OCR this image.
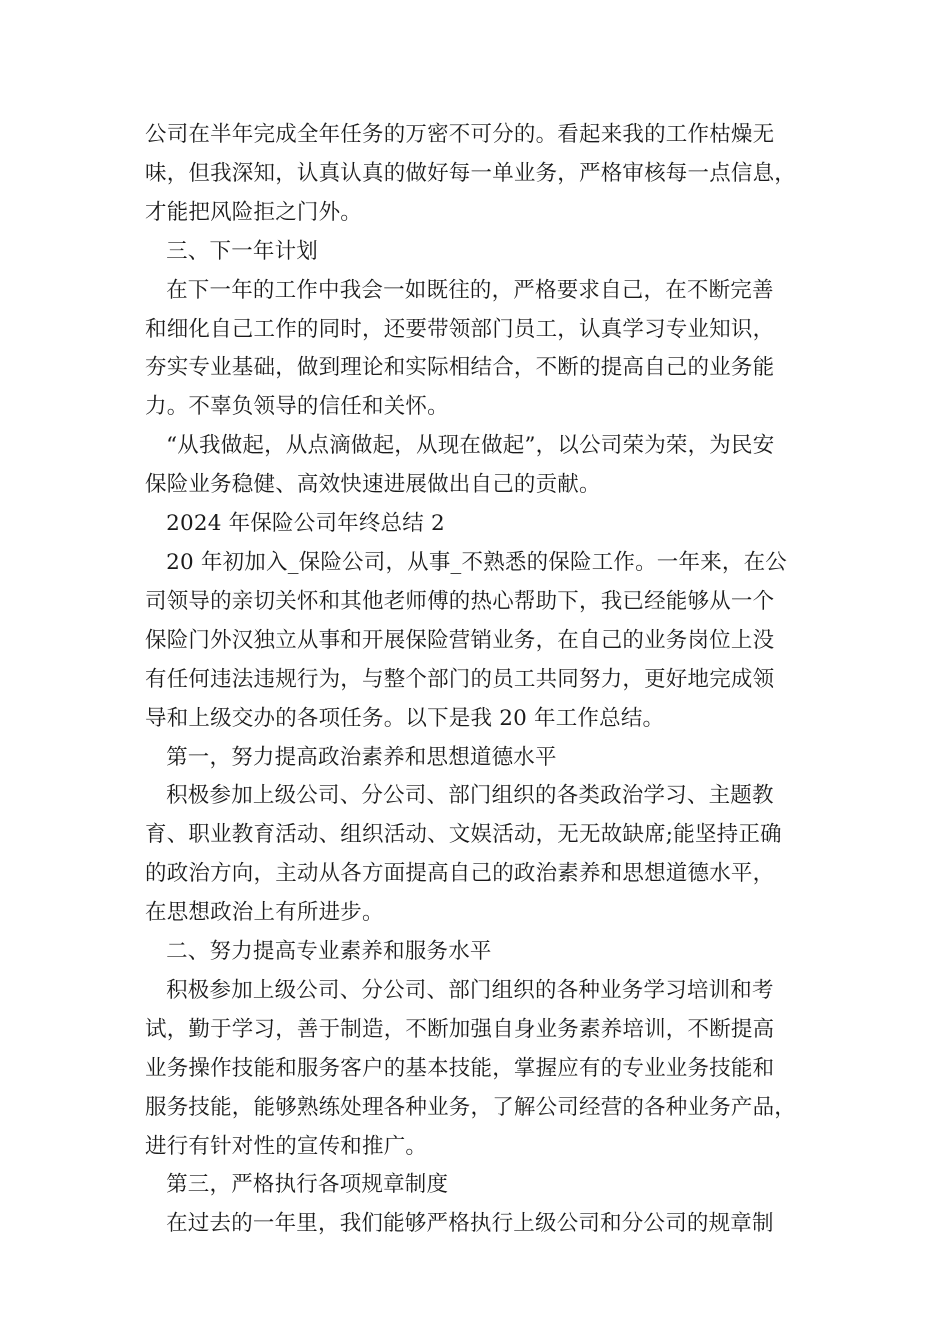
公司在半年完成全年任务的万密不可分的。看起来我的工作枯燥无
味，但我深知，认真认真的做好每一单业务，严格审核每一点信息，
才能把风险拒之门外。
三、下一年计划
在下一年的工作中我会一如既往的，严格要求自己，在不断完善
和细化自己工作的同时，还要带领部门员工，认真学习专业知识，
夯实专业基础，做到理论和实际相结合，不断的提高自己的业务能
力。不辜负领导的信任和关怀。
“从我做起，从点滴做起，从现在做起”，以公司荣为荣，为民安
保险业务稳健、高效快速进展做出自己的贡献。
2024 年保险公司年终总结 2
20 年初加入_保险公司，从事_不熟悉的保险工作。一年来，在公
司领导的亲切关怀和其他老师傅的热心帮助下，我已经能够从一个
保险门外汉独立从事和开展保险营销业务，在自己的业务岗位上没
有任何违法违规行为，与整个部门的员工共同努力，更好地完成领
导和上级交办的各项任务。以下是我 20 年工作总结。
第一，努力提高政治素养和思想道德水平
积极参加上级公司、分公司、部门组织的各类政治学习、主题教
育、职业教育活动、组织活动、文娱活动，无无故缺席;能坚持正确
的政治方向，主动从各方面提高自己的政治素养和思想道德水平，
在思想政治上有所进步。
二、努力提高专业素养和服务水平
积极参加上级公司、分公司、部门组织的各种业务学习培训和考
试，勤于学习，善于制造，不断加强自身业务素养培训，不断提高
业务操作技能和服务客户的基本技能，掌握应有的专业业务技能和
服务技能，能够熟练处理各种业务，了解公司经营的各种业务产品，
进行有针对性的宣传和推广。
第三，严格执行各项规章制度
在过去的一年里，我们能够严格执行上级公司和分公司的规章制
